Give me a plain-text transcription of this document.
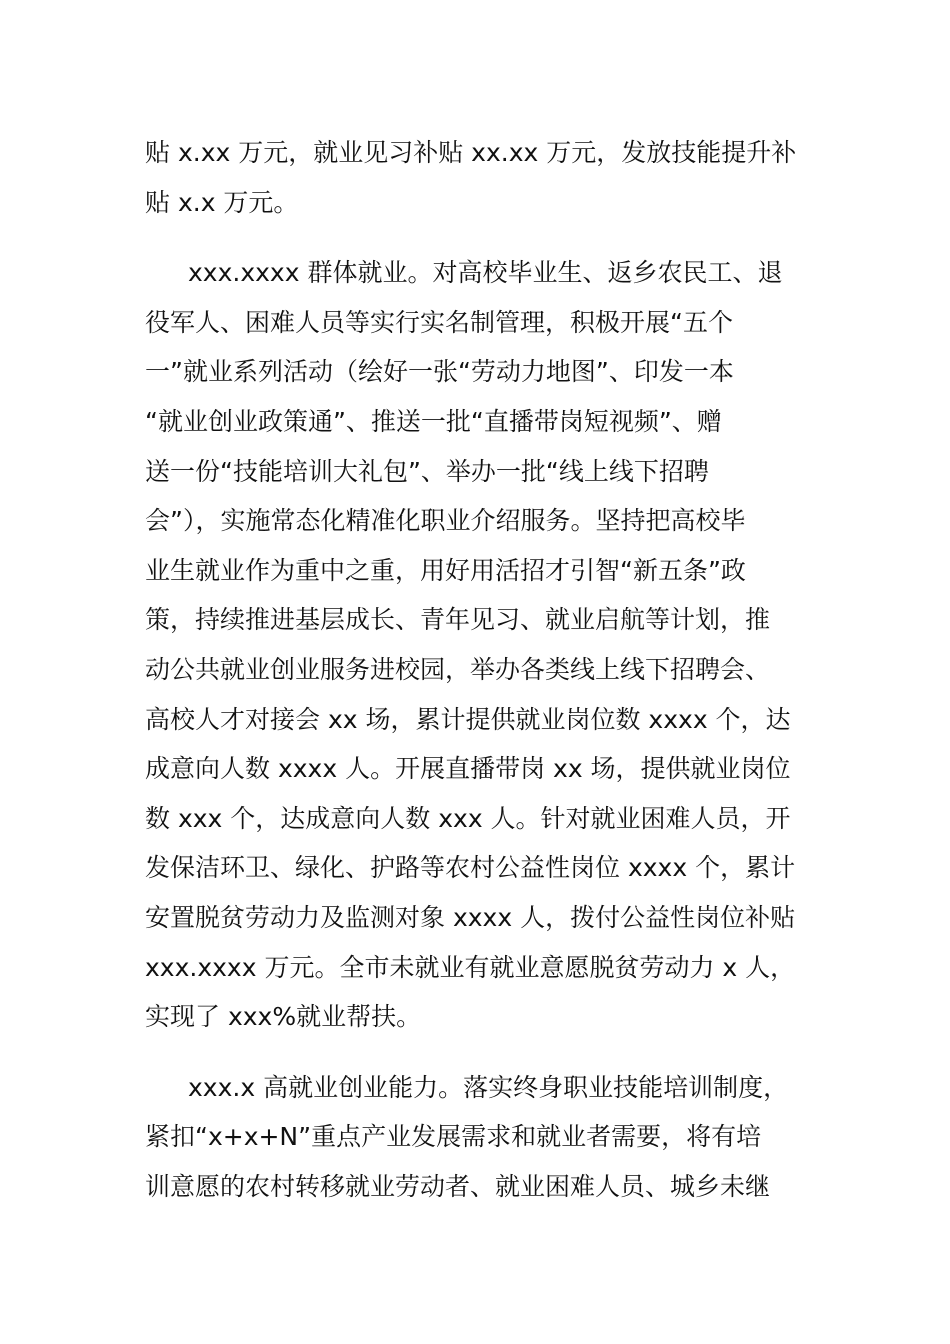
贴 x.xx 万元，就业见习补贴 xx.xx 万元，发放技能提升补
贴 x.x 万元。

xxx.xxxx 群体就业。对高校毕业生、返乡农民工、退
役军人、困难人员等实行实名制管理，积极开展“五个
一”就业系列活动（绘好一张“劳动力地图”、印发一本
“就业创业政策通”、推送一批“直播带岗短视频”、赠
送一份“技能培训大礼包”、举办一批“线上线下招聘
会”），实施常态化精准化职业介绍服务。坚持把高校毕
业生就业作为重中之重，用好用活招才引智“新五条”政
策，持续推进基层成长、青年见习、就业启航等计划，推
动公共就业创业服务进校园，举办各类线上线下招聘会、
高校人才对接会 xx 场，累计提供就业岗位数 xxxx 个，达
成意向人数 xxxx 人。开展直播带岗 xx 场，提供就业岗位
数 xxx 个，达成意向人数 xxx 人。针对就业困难人员，开
发保洁环卫、绿化、护路等农村公益性岗位 xxxx 个，累计
安置脱贫劳动力及监测对象 xxxx 人，拨付公益性岗位补贴
xxx.xxxx 万元。全市未就业有就业意愿脱贫劳动力 x 人，
实现了 xxx%就业帮扶。

xxx.x 高就业创业能力。落实终身职业技能培训制度，
紧扣“x+x+N”重点产业发展需求和就业者需要，将有培
训意愿的农村转移就业劳动者、就业困难人员、城乡未继
